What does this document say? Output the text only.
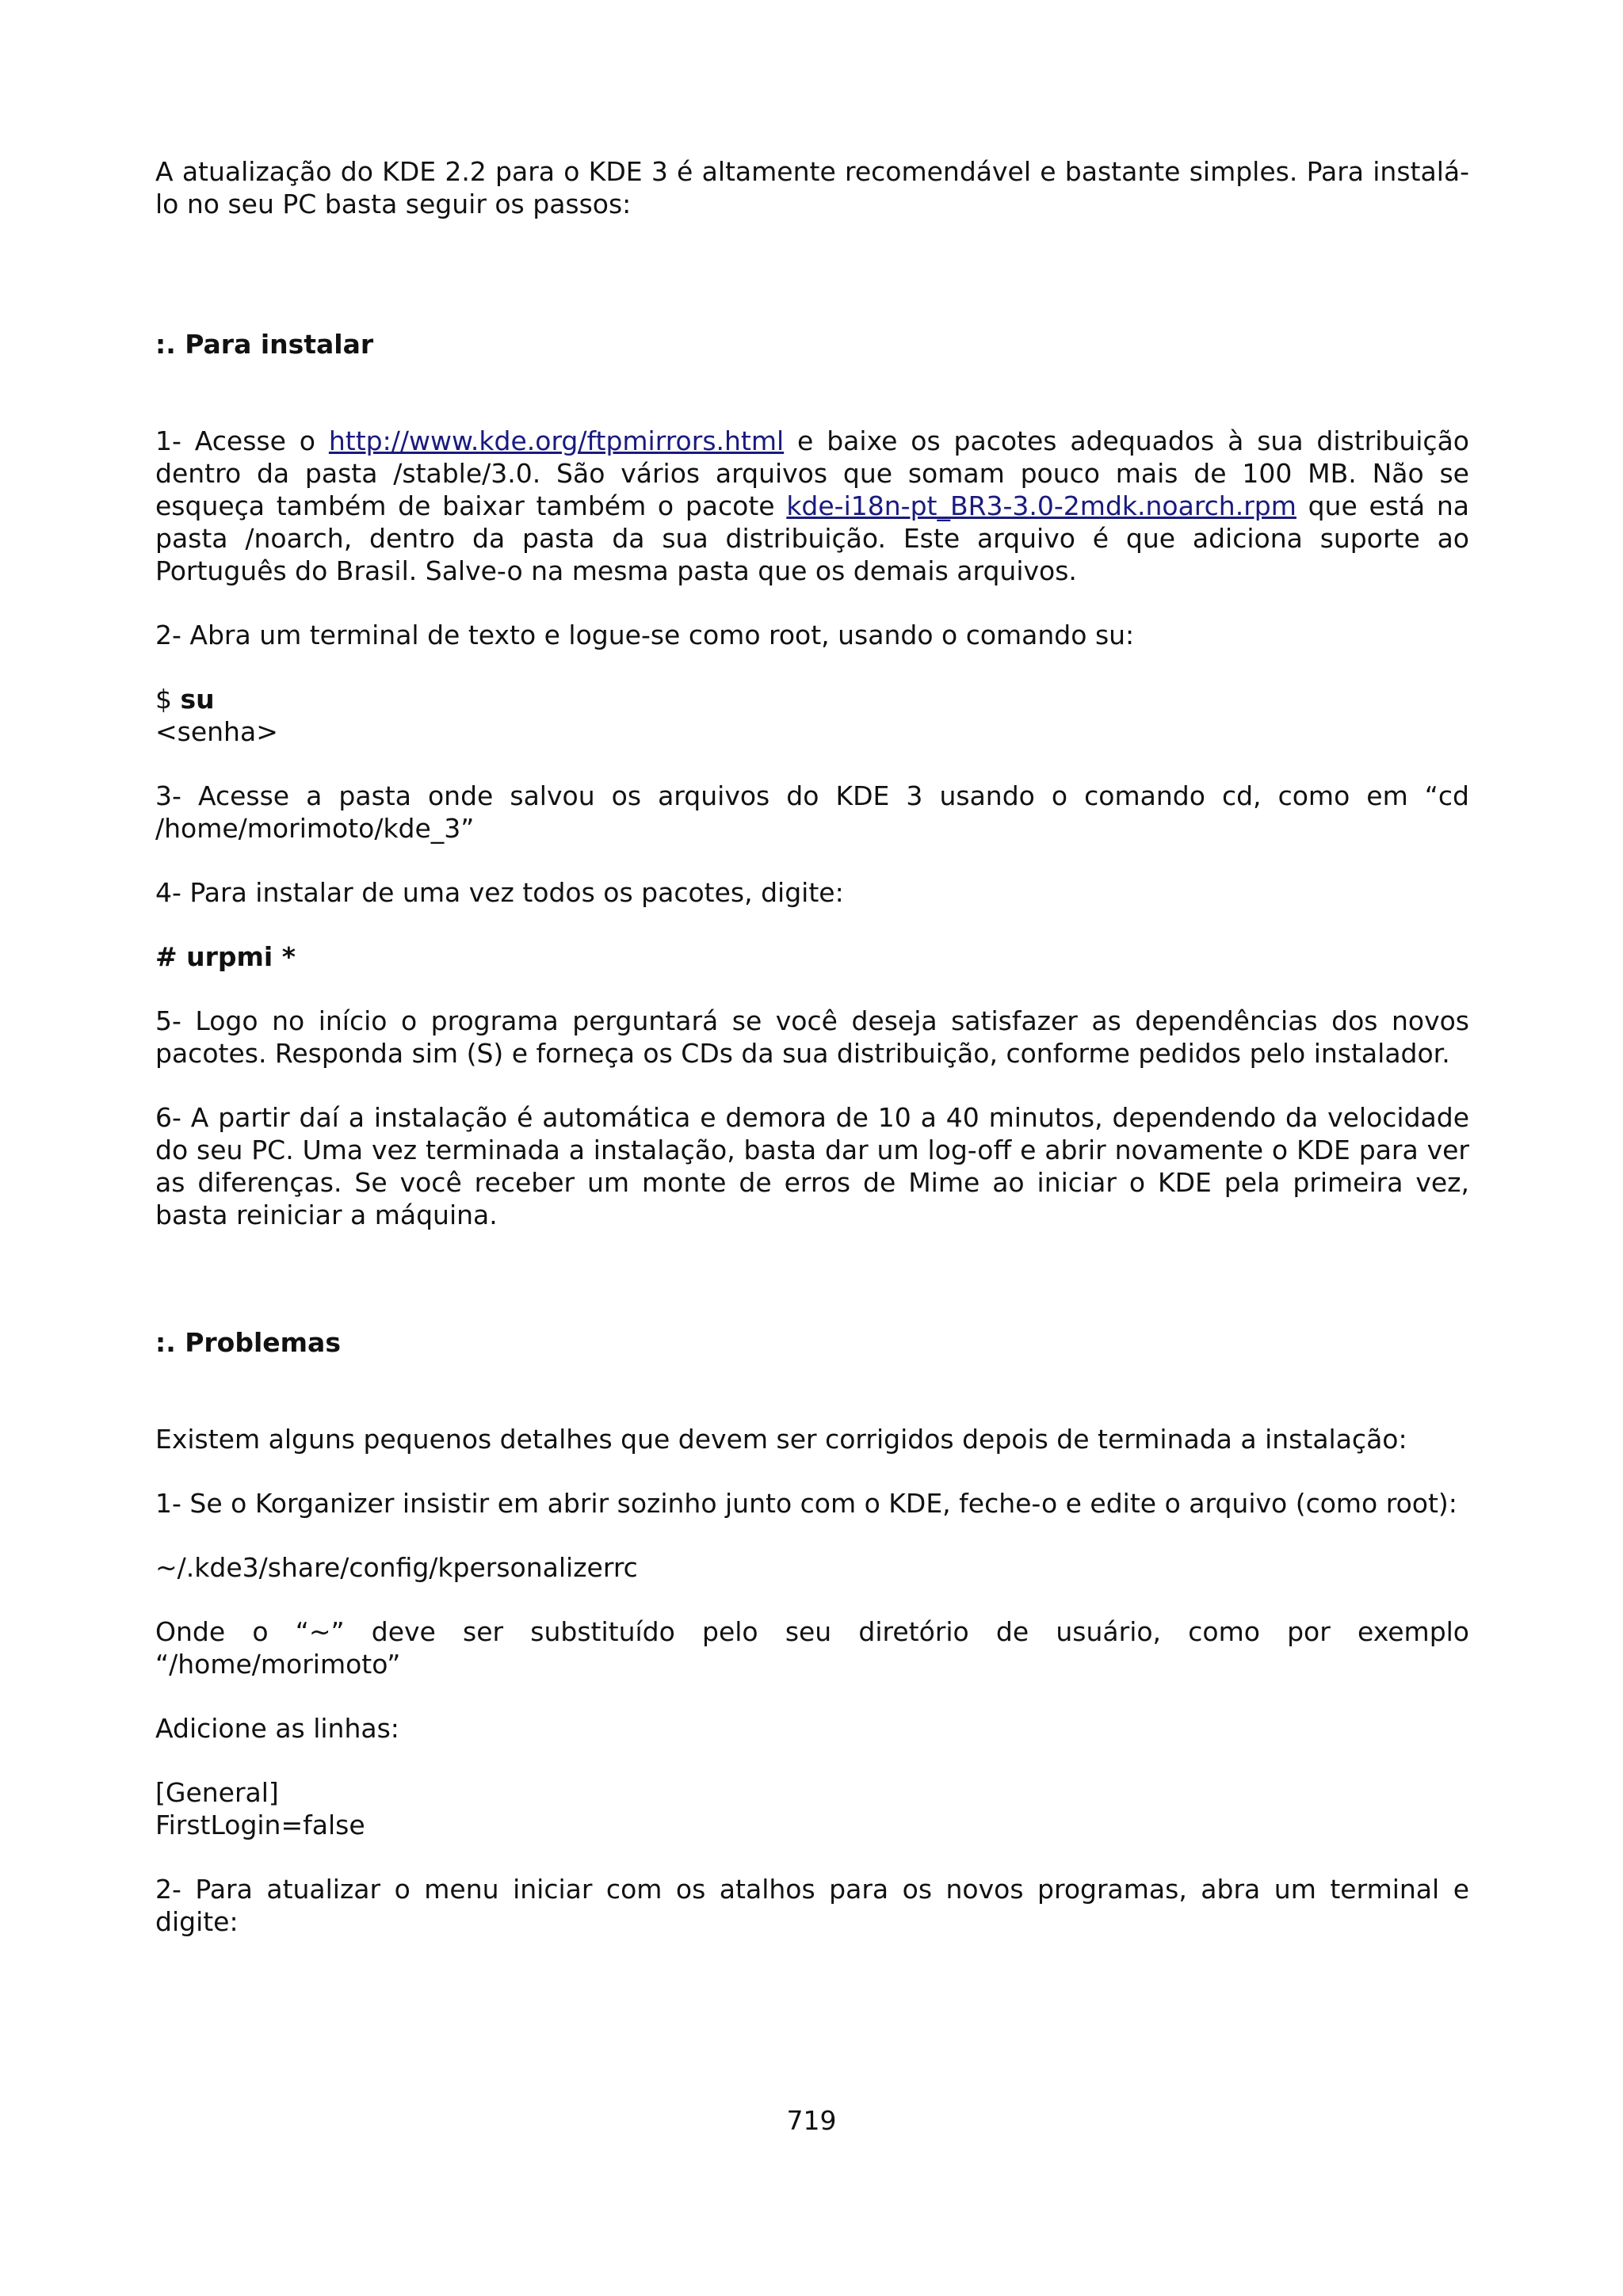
A atualização do KDE 2.2 para o KDE 3 é altamente recomendável e bastante simples. Para instalá-lo no seu PC basta seguir os passos:

:. Para instalar

1- Acesse o http://www.kde.org/ftpmirrors.html e baixe os pacotes adequados à sua distribuição dentro da pasta /stable/3.0. São vários arquivos que somam pouco mais de 100 MB. Não se esqueça também de baixar também o pacote kde-i18n-pt_BR3-3.0-2mdk.noarch.rpm que está na pasta /noarch, dentro da pasta da sua distribuição. Este arquivo é que adiciona suporte ao Português do Brasil. Salve-o na mesma pasta que os demais arquivos.

2- Abra um terminal de texto e logue-se como root, usando o comando su:

$ su

<senha>

3- Acesse a pasta onde salvou os arquivos do KDE 3 usando o comando cd, como em “cd /home/morimoto/kde_3”

4- Para instalar de uma vez todos os pacotes, digite:

# urpmi *

5- Logo no início o programa perguntará se você deseja satisfazer as dependências dos novos pacotes. Responda sim (S) e forneça os CDs da sua distribuição, conforme pedidos pelo instalador.

6- A partir daí a instalação é automática e demora de 10 a 40 minutos, dependendo da velocidade do seu PC. Uma vez terminada a instalação, basta dar um log-off e abrir novamente o KDE para ver as diferenças. Se você receber um monte de erros de Mime ao iniciar o KDE pela primeira vez, basta reiniciar a máquina.

:. Problemas

Existem alguns pequenos detalhes que devem ser corrigidos depois de terminada a instalação:

1- Se o Korganizer insistir em abrir sozinho junto com o KDE, feche-o e edite o arquivo (como root):

~/.kde3/share/config/kpersonalizerrc

Onde o “~” deve ser substituído pelo seu diretório de usuário, como por exemplo “/home/morimoto”

Adicione as linhas:

[General]

FirstLogin=false

2- Para atualizar o menu iniciar com os atalhos para os novos programas, abra um terminal e digite:

719
